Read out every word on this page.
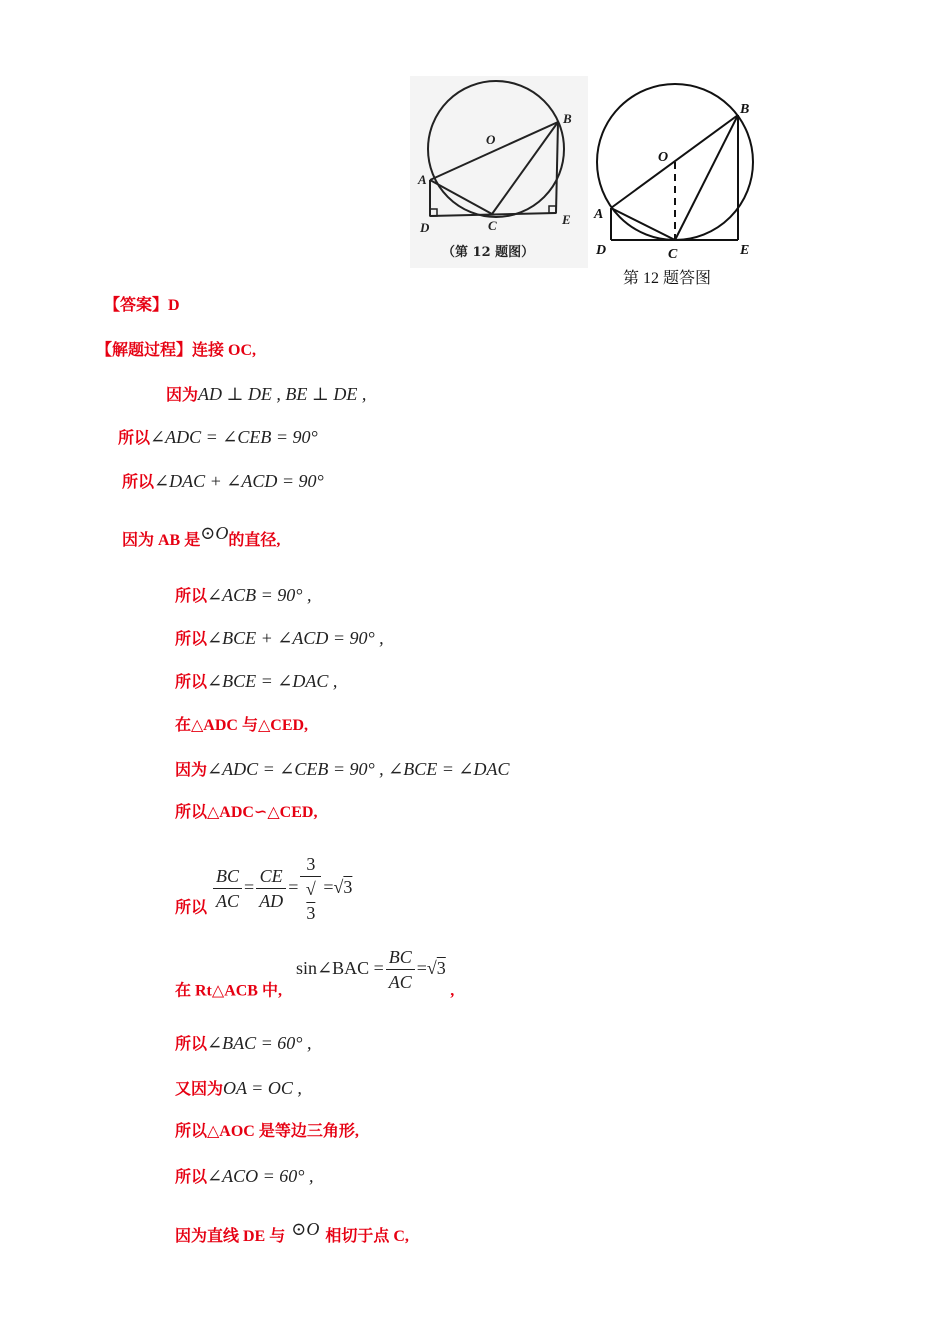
O
A
B
C
D
E
（第 12 题图）
O
A
B
C
D	E
第 12 题答图
【答案】D
【解题过程】连接 OC,
因为AD ⊥ DE , BE ⊥ DE ,
所以∠ADC = ∠CEB = 90°
所以∠DAC + ∠ACD = 90°
因为 AB 是⊙O的直径,
所以∠ACB = 90° ,
所以∠BCE + ∠ACD = 90° ,
所以∠BCE = ∠DAC ,
在△ADC 与△CED,
因为∠ADC = ∠CEB = 90° , ∠BCE = ∠DAC
所以△ADC∽△CED,
所以 $\frac{BC}{AC} = \frac{CE}{AD} = 3$
√
3 =√3
在 Rt△ACB 中, sin∠BAC = $\frac{BC}{AC} =√3$ ,
所以∠BAC = 60° ,
又因为OA = OC ,
所以△AOC 是等边三角形,
所以∠ACO = 60° ,
因为直线 DE 与 ⊙O 相切于点 C,
